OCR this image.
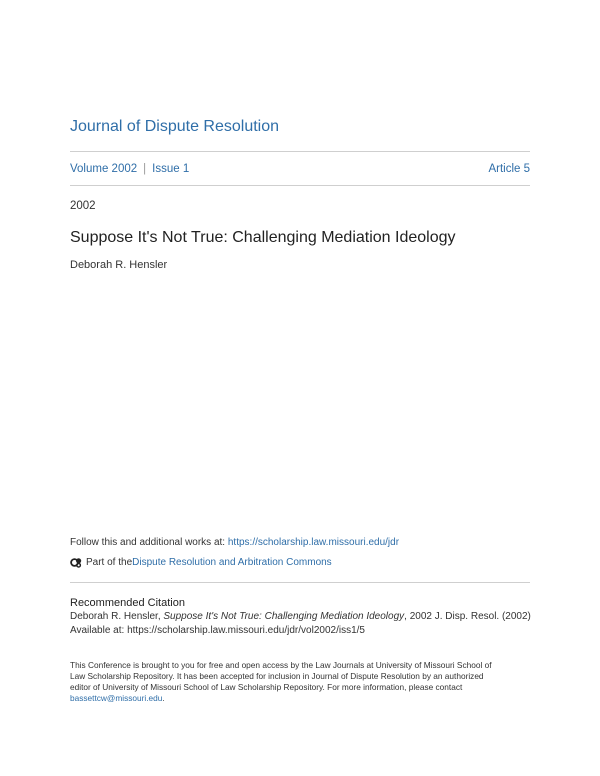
Journal of Dispute Resolution
Volume 2002 | Issue 1	Article 5
2002
Suppose It's Not True: Challenging Mediation Ideology
Deborah R. Hensler
Follow this and additional works at: https://scholarship.law.missouri.edu/jdr
Part of the Dispute Resolution and Arbitration Commons
Recommended Citation
Deborah R. Hensler, Suppose It's Not True: Challenging Mediation Ideology, 2002 J. Disp. Resol. (2002)
Available at: https://scholarship.law.missouri.edu/jdr/vol2002/iss1/5
This Conference is brought to you for free and open access by the Law Journals at University of Missouri School of
Law Scholarship Repository. It has been accepted for inclusion in Journal of Dispute Resolution by an authorized
editor of University of Missouri School of Law Scholarship Repository. For more information, please contact
bassettcw@missouri.edu.
